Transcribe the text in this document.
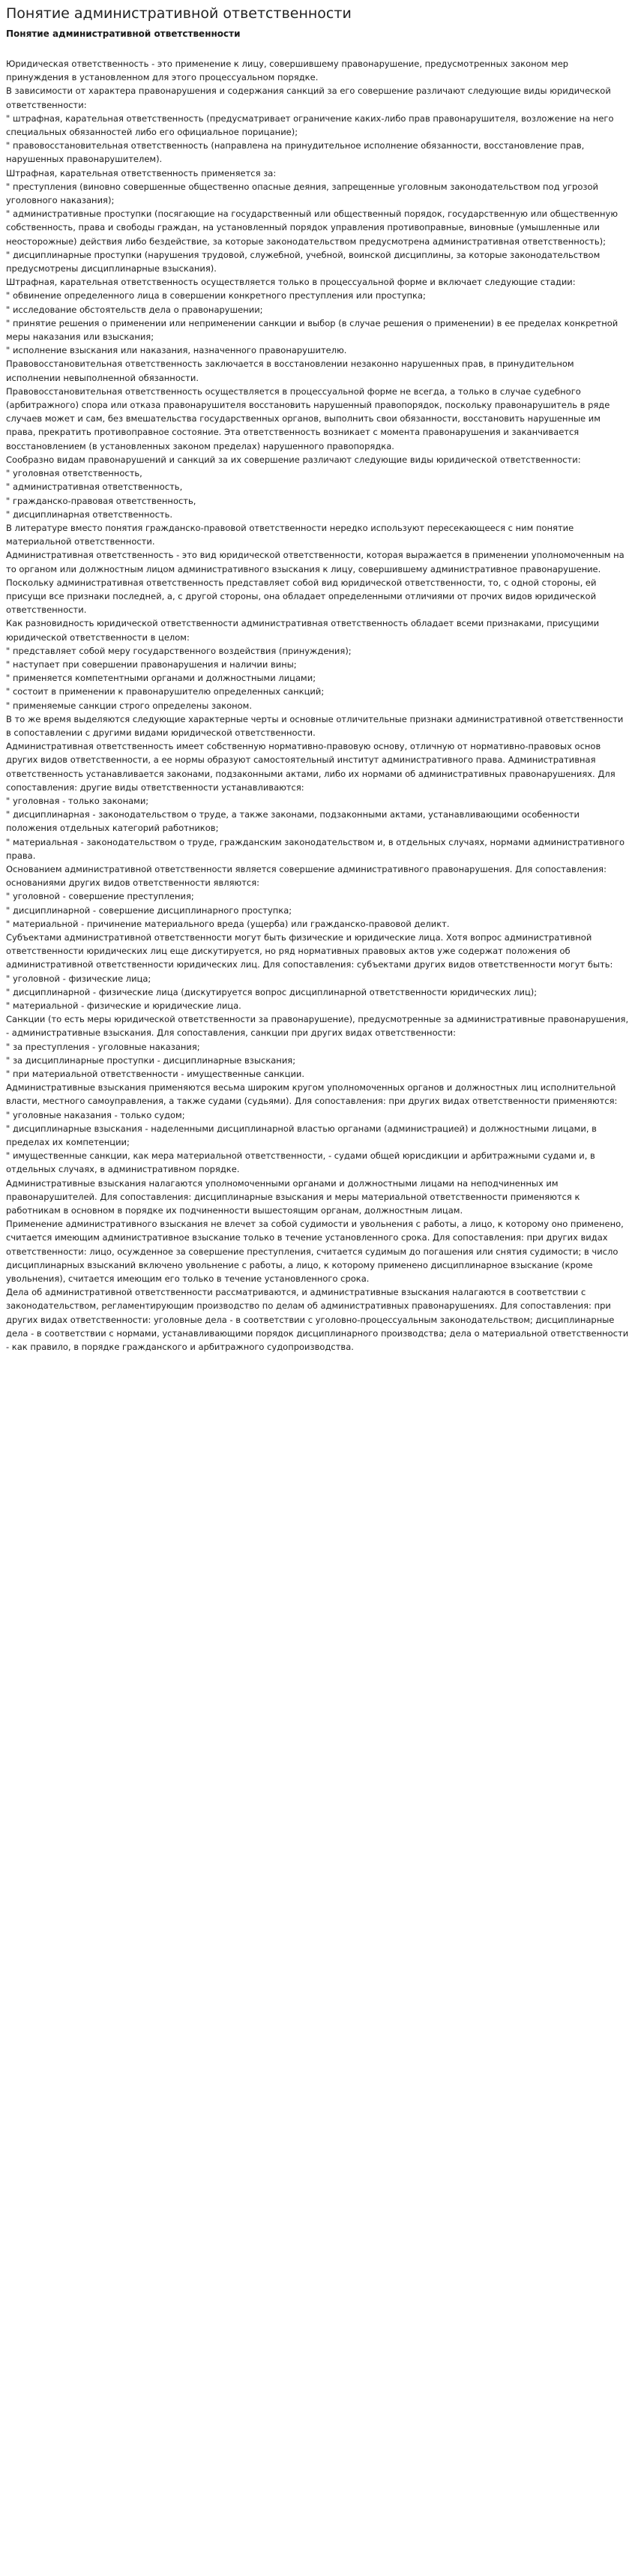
Понятие административной ответственности
Понятие административной ответственности

Юридическая ответственность - это применение к лицу, совершившему правонарушение, предусмотренных законом мер принуждения в установленном для этого процессуальном порядке.

В зависимости от характера правонарушения и содержания санкций за его совершение различают следующие виды юридической ответственности:

" штрафная, карательная ответственность (предусматривает ограничение каких-либо прав правонарушителя, возложение на него специальных обязанностей либо его официальное порицание);

" правовосстановительная ответственность (направлена на принудительное исполнение обязанности, восстановление прав, нарушенных правонарушителем).

Штрафная, карательная ответственность применяется за:

" преступления (виновно совершенные общественно опасные деяния, запрещенные уголовным законодательством под угрозой уголовного наказания);

" административные проступки (посягающие на государственный или общественный порядок, государственную или общественную собственность, права и свободы граждан, на установленный порядок управления противоправные, виновные (умышленные или неосторожные) действия либо бездействие, за которые законодательством предусмотрена административная ответственность);

" дисциплинарные проступки (нарушения трудовой, служебной, учебной, воинской дисциплины, за которые законодательством предусмотрены дисциплинарные взыскания).

Штрафная, карательная ответственность осуществляется только в процессуальной форме и включает следующие стадии:

" обвинение определенного лица в совершении конкретного преступления или проступка;

" исследование обстоятельств дела о правонарушении;

" принятие решения о применении или неприменении санкции и выбор (в случае решения о применении) в ее пределах конкретной меры наказания или взыскания;

" исполнение взыскания или наказания, назначенного правонарушителю.

Правовосстановительная ответственность заключается в восстановлении незаконно нарушенных прав, в принудительном исполнении невыполненной обязанности.

Правовосстановительная ответственность осуществляется в процессуальной форме не всегда, а только в случае судебного (арбитражного) спора или отказа правонарушителя восстановить нарушенный правопорядок, поскольку правонарушитель в ряде случаев может и сам, без вмешательства государственных органов, выполнить свои обязанности, восстановить нарушенные им права, прекратить противоправное состояние. Эта ответственность возникает с момента правонарушения и заканчивается восстановлением (в установленных законом пределах) нарушенного правопорядка.

Сообразно видам правонарушений и санкций за их совершение различают следующие виды юридической ответственности:

" уголовная ответственность,

" административная ответственность,

" гражданско-правовая ответственность,

" дисциплинарная ответственность.

В литературе вместо понятия гражданско-правовой ответственности нередко используют пересекающееся с ним понятие материальной ответственности.

Административная ответственность - это вид юридической ответственности, которая выражается в применении уполномоченным на то органом или должностным лицом административного взыскания к лицу, совершившему административное правонарушение.

Поскольку административная ответственность представляет собой вид юридической ответственности, то, с одной стороны, ей присущи все признаки последней, а, с другой стороны, она обладает определенными отличиями от прочих видов юридической ответственности.

Как разновидность юридической ответственности административная ответственность обладает всеми признаками, присущими юридической ответственности в целом:

" представляет собой меру государственного воздействия (принуждения);

" наступает при совершении правонарушения и наличии вины;

" применяется компетентными органами и должностными лицами;

" состоит в применении к правонарушителю определенных санкций;

" применяемые санкции строго определены законом.

В то же время выделяются следующие характерные черты и основные отличительные признаки административной ответственности в сопоставлении с другими видами юридической ответственности.

Административная ответственность имеет собственную нормативно-правовую основу, отличную от нормативно-правовых основ других видов ответственности, а ее нормы образуют самостоятельный институт административного права. Административная ответственность устанавливается законами, подзаконными актами, либо их нормами об административных правонарушениях. Для сопоставления: другие виды ответственности устанавливаются:

" уголовная - только законами;

" дисциплинарная - законодательством о труде, а также законами, подзаконными актами, устанавливающими особенности положения отдельных категорий работников;

" материальная - законодательством о труде, гражданским законодательством и, в отдельных случаях, нормами административного права.

Основанием административной ответственности является совершение административного правонарушения. Для сопоставления: основаниями других видов ответственности являются:

" уголовной - совершение преступления;

" дисциплинарной - совершение дисциплинарного проступка;

" материальной - причинение материального вреда (ущерба) или гражданско-правовой деликт.

Субъектами административной ответственности могут быть физические и юридические лица. Хотя вопрос административной ответственности юридических лиц еще дискутируется, но ряд нормативных правовых актов уже содержат положения об административной ответственности юридических лиц. Для сопоставления: субъектами других видов ответственности могут быть:

" уголовной - физические лица;

" дисциплинарной - физические лица (дискутируется вопрос дисциплинарной ответственности юридических лиц);

" материальной - физические и юридические лица.

Санкции (то есть меры юридической ответственности за правонарушение), предусмотренные за административные правонарушения, - административные взыскания. Для сопоставления, санкции при других видах ответственности:

" за преступления - уголовные наказания;

" за дисциплинарные проступки - дисциплинарные взыскания;

" при материальной ответственности - имущественные санкции.

Административные взыскания применяются весьма широким кругом уполномоченных органов и должностных лиц исполнительной власти, местного самоуправления, а также судами (судьями). Для сопоставления: при других видах ответственности применяются:

" уголовные наказания - только судом;

" дисциплинарные взыскания - наделенными дисциплинарной властью органами (администрацией) и должностными лицами, в пределах их компетенции;

" имущественные санкции, как мера материальной ответственности, - судами общей юрисдикции и арбитражными судами и, в отдельных случаях, в административном порядке.

Административные взыскания налагаются уполномоченными органами и должностными лицами на неподчиненных им правонарушителей. Для сопоставления: дисциплинарные взыскания и меры материальной ответственности применяются к работникам в основном в порядке их подчиненности вышестоящим органам, должностным лицам.

Применение административного взыскания не влечет за собой судимости и увольнения с работы, а лицо, к которому оно применено, считается имеющим административное взыскание только в течение установленного срока. Для сопоставления: при других видах ответственности: лицо, осужденное за совершение преступления, считается судимым до погашения или снятия судимости; в число дисциплинарных взысканий включено увольнение с работы, а лицо, к которому применено дисциплинарное взыскание (кроме увольнения), считается имеющим его только в течение установленного срока.

Дела об административной ответственности рассматриваются, и административные взыскания налагаются в соответствии с законодательством, регламентирующим производство по делам об административных правонарушениях. Для сопоставления: при других видах ответственности: уголовные дела - в соответствии с уголовно-процессуальным законодательством; дисциплинарные дела - в соответствии с нормами, устанавливающими порядок дисциплинарного производства; дела о материальной ответственности - как правило, в порядке гражданского и арбитражного судопроизводства.
